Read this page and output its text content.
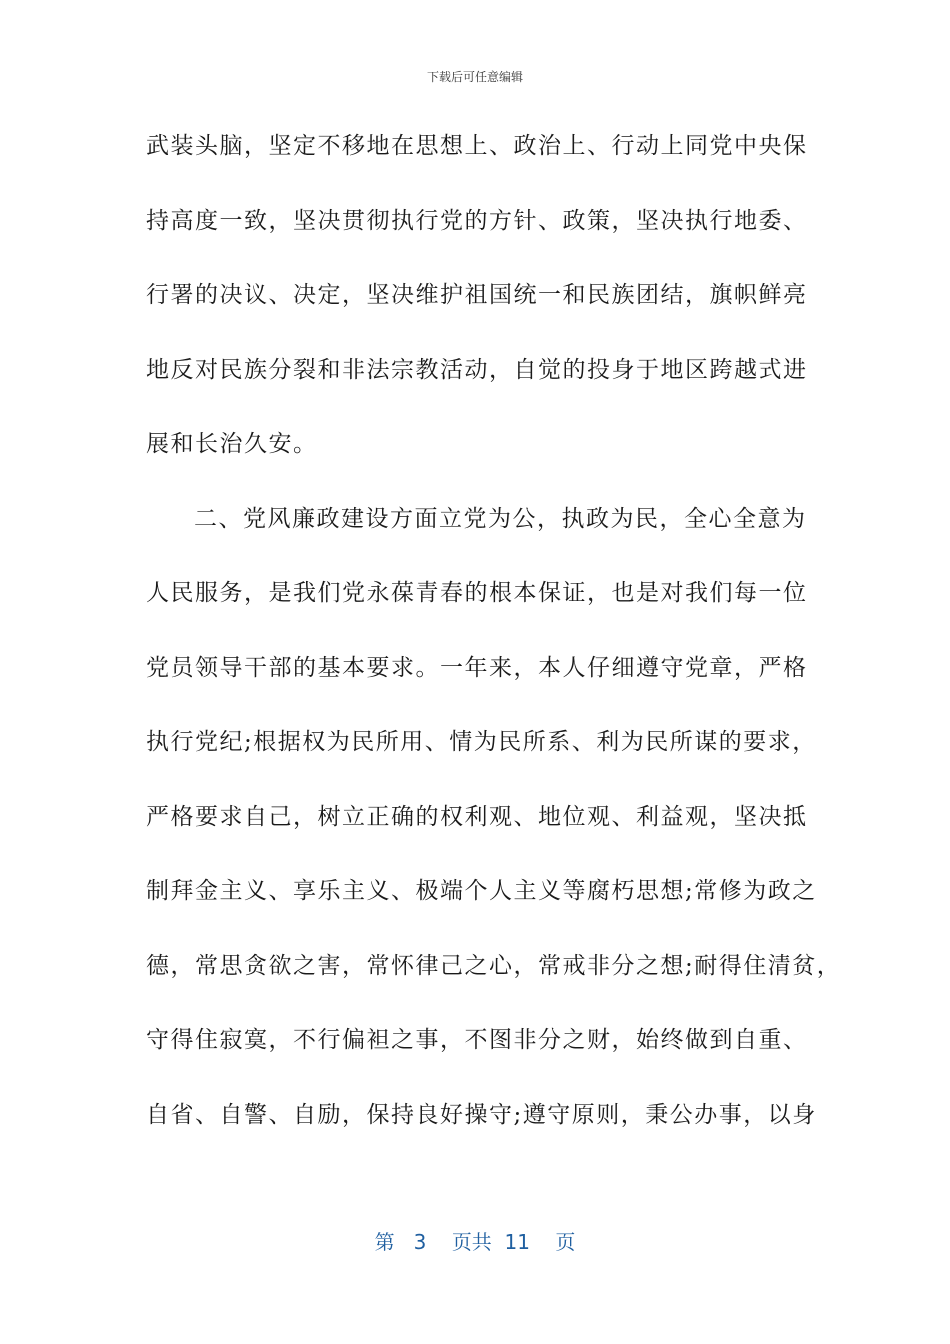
下载后可任意编辑
武装头脑，坚定不移地在思想上、政治上、行动上同党中央保
持高度一致，坚决贯彻执行党的方针、政策，坚决执行地委、
行署的决议、决定，坚决维护祖国统一和民族团结，旗帜鲜亮
地反对民族分裂和非法宗教活动，自觉的投身于地区跨越式进
展和长治久安。
二、党风廉政建设方面立党为公，执政为民，全心全意为
人民服务，是我们党永葆青春的根本保证，也是对我们每一位
党员领导干部的基本要求。一年来，本人仔细遵守党章，严格
执行党纪;根据权为民所用、情为民所系、利为民所谋的要求，
严格要求自己，树立正确的权利观、地位观、利益观，坚决抵
制拜金主义、享乐主义、极端个人主义等腐朽思想;常修为政之
德，常思贪欲之害，常怀律己之心，常戒非分之想;耐得住清贫，
守得住寂寞，不行偏袒之事，不图非分之财，始终做到自重、
自省、自警、自励，保持良好操守;遵守原则，秉公办事，以身
第 3 页共 11 页
